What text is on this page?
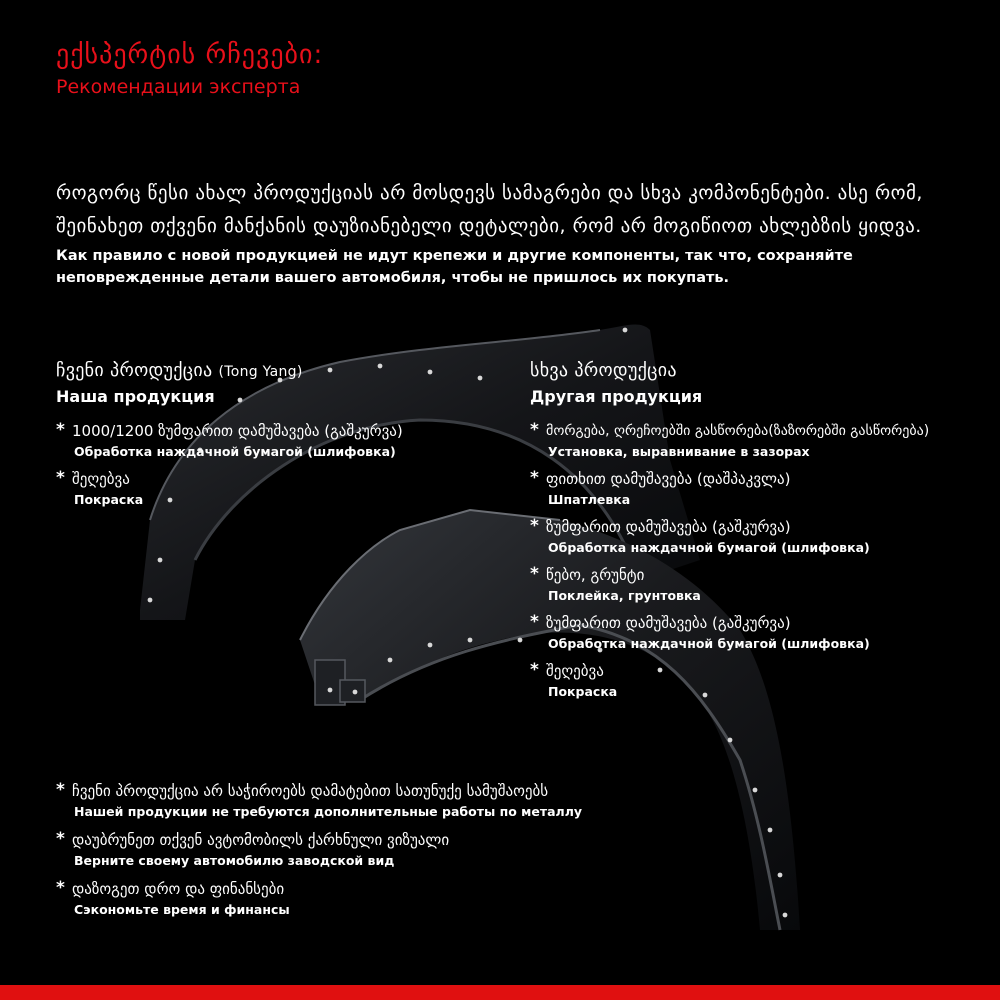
ექსპერტის რჩევები:
Рекомендации эксперта
როგორც წესი ახალ პროდუქციას არ მოსდევს სამაგრები და სხვა კომპონენტები. ასე რომ, შეინახეთ თქვენი მანქანის დაუზიანებელი დეტალები, რომ არ მოგიწიოთ ახლებზის ყიდვა.
Как правило с новой продукцией не идут крепежи и другие компоненты, так что, сохраняйте неповрежденные детали вашего автомобиля, чтобы не пришлось их покупать.
ჩვენი პროდუქცია (Tong Yang)
Наша продукция
* 1000/1200 ზუმფარით დამუშავება (გაშკურვა)
Обработка наждачной бумагой (шлифовка)
* შეღებვა
Покраска
სხვა პროდუქცია
Другая продукция
* მორგება, ღრეჩოებში გასწორება(ზაზორებში გასწორება)
Установка, выравнивание в зазорах
* ფითხით დამუშავება (დაშპაკვლა)
Шпатлевка
* ზუმფარით დამუშავება (გაშკურვა)
Обработка наждачной бумагой (шлифовка)
* წებო, გრუნტი
Поклейка, грунтовка
* ზუმფარით დამუშავება (გაშკურვა)
Обработка наждачной бумагой (шлифовка)
* შეღებვა
Покраска
* ჩვენი პროდუქცია არ საჭიროებს დამატებით სათუნუქე სამუშაოებს
Нашей продукции не требуются дополнительные работы по металлу
* დაუბრუნეთ თქვენ ავტომობილს ქარხნული ვიზუალი
Верните своему автомобилю заводской вид
* დაზოგეთ დრო და ფინანსები
Сэкономьте время и финансы
